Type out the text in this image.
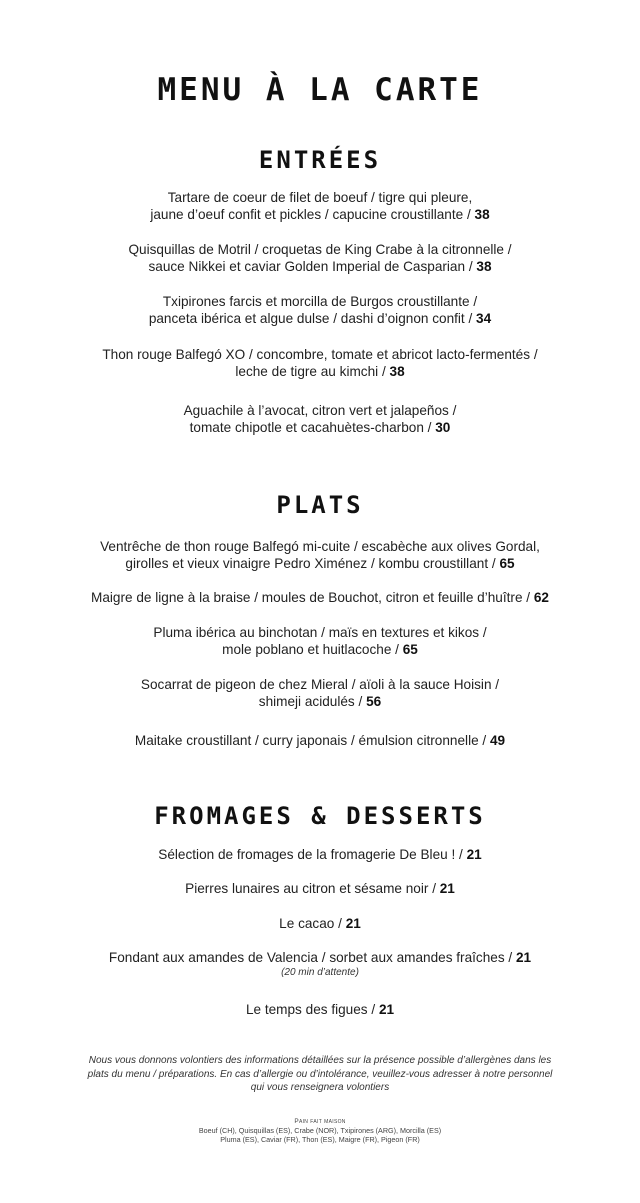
MENU À LA CARTE
ENTRÉES
Tartare de coeur de filet de boeuf / tigre qui pleure,
jaune d’oeuf confit et pickles / capucine croustillante / 38
Quisquillas de Motril / croquetas de King Crabe à la citronnelle /
sauce Nikkei et caviar Golden Imperial de Casparian / 38
Txipirones farcis et morcilla de Burgos croustillante /
panceta ibérica et algue dulse / dashi d’oignon confit / 34
Thon rouge Balfegó XO / concombre, tomate et abricot lacto-fermentés /
leche de tigre au kimchi / 38
Aguachile à l’avocat, citron vert et jalapeños /
tomate chipotle et cacahuètes-charbon / 30
PLATS
Ventrêche de thon rouge Balfegó mi-cuite / escabèche aux olives Gordal,
girolles et vieux vinaigre Pedro Ximénez / kombu croustillant / 65
Maigre de ligne à la braise / moules de Bouchot, citron et feuille d’huître / 62
Pluma ibérica au binchotan / maïs en textures et kikos /
mole poblano et huitlacoche / 65
Socarrat de pigeon de chez Mieral / aïoli à la sauce Hoisin /
shimeji acidulés / 56
Maitake croustillant / curry japonais / émulsion citronnelle / 49
FROMAGES & DESSERTS
Sélection de fromages de la fromagerie De Bleu ! / 21
Pierres lunaires au citron et sésame noir / 21
Le cacao / 21
Fondant aux amandes de Valencia / sorbet aux amandes fraîches / 21
(20 min d’attente)
Le temps des figues / 21
Nous vous donnons volontiers des informations détaillées sur la présence possible d’allergènes dans les
plats du menu / préparations. En cas d’allergie ou d’intolérance, veuillez-vous adresser à notre personnel
qui vous renseignera volontiers
Pain fait maison
Boeuf (CH), Quisquillas (ES), Crabe (NOR), Txipirones (ARG), Morcilla (ES)
Pluma (ES), Caviar (FR), Thon (ES), Maigre (FR), Pigeon (FR)
